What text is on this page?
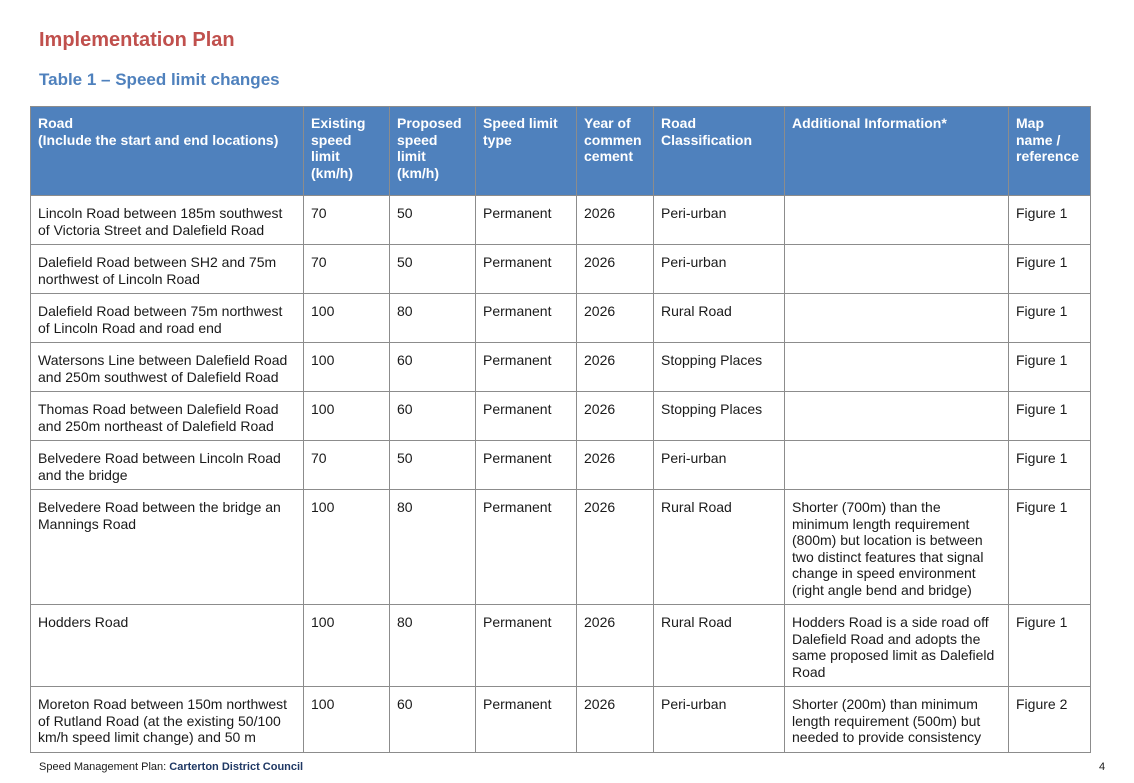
Implementation Plan
Table 1 – Speed limit changes
Road
(Include the start and end locations)	Existing speed limit (km/h)	Proposed speed limit (km/h)	Speed limit type	Year of commen cement	Road Classification	Additional Information*	Map name / reference
Lincoln Road between 185m southwest of Victoria Street and Dalefield Road	70	50	Permanent	2026	Peri-urban		Figure 1
Dalefield Road between SH2 and 75m northwest of Lincoln Road	70	50	Permanent	2026	Peri-urban		Figure 1
Dalefield Road between 75m northwest of Lincoln Road and road end	100	80	Permanent	2026	Rural Road		Figure 1
Watersons Line between Dalefield Road and 250m southwest of Dalefield Road	100	60	Permanent	2026	Stopping Places		Figure 1
Thomas Road between Dalefield Road and 250m northeast of Dalefield Road	100	60	Permanent	2026	Stopping Places		Figure 1
Belvedere Road between Lincoln Road and the bridge	70	50	Permanent	2026	Peri-urban		Figure 1
Belvedere Road between the bridge an Mannings Road	100	80	Permanent	2026	Rural Road	Shorter (700m) than the minimum length requirement (800m) but location is between two distinct features that signal change in speed environment (right angle bend and bridge)	Figure 1
Hodders Road	100	80	Permanent	2026	Rural Road	Hodders Road is a side road off Dalefield Road and adopts the same proposed limit as Dalefield Road	Figure 1
Moreton Road between 150m northwest of Rutland Road (at the existing 50/100 km/h speed limit change) and 50 m	100	60	Permanent	2026	Peri-urban	Shorter (200m) than minimum length requirement (500m) but needed to provide consistency	Figure 2
Speed Management Plan: Carterton District Council	4
